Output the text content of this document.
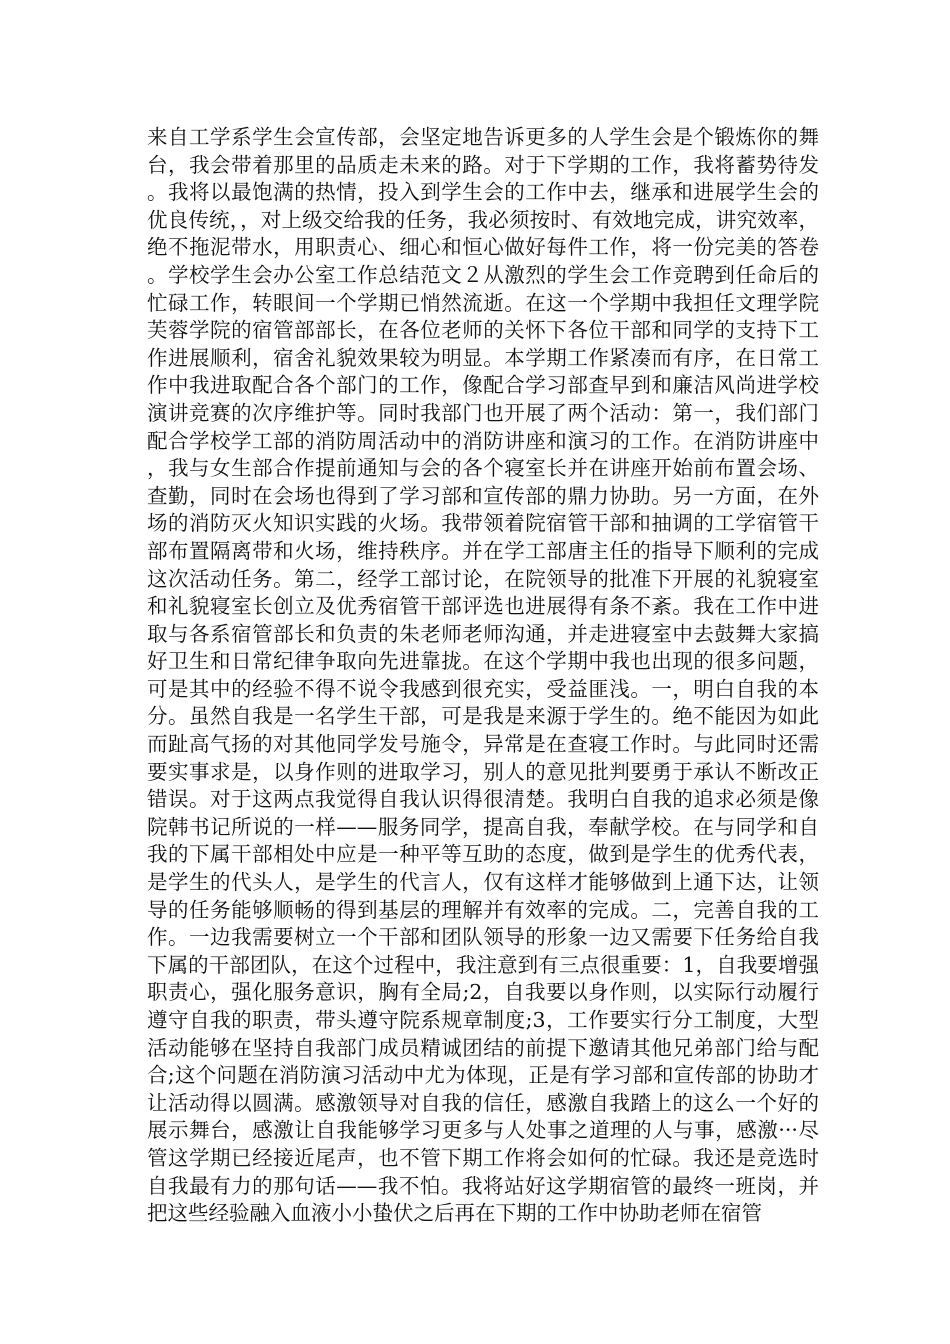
来自工学系学生会宣传部，会坚定地告诉更多的人学生会是个锻炼你的舞台，我会带着那里的品质走未来的路。对于下学期的工作，我将蓄势待发。我将以最饱满的热情，投入到学生会的工作中去，继承和进展学生会的优良传统，，对上级交给我的任务，我必须按时、有效地完成，讲究效率，绝不拖泥带水，用职责心、细心和恒心做好每件工作，将一份完美的答卷。学校学生会办公室工作总结范文２从激烈的学生会工作竞聘到任命后的忙碌工作，转眼间一个学期已悄然流逝。在这一个学期中我担任文理学院芙蓉学院的宿管部部长，在各位老师的关怀下各位干部和同学的支持下工作进展顺利，宿舍礼貌效果较为明显。本学期工作紧凑而有序，在日常工作中我进取配合各个部门的工作，像配合学习部查早到和廉洁风尚进学校演讲竞赛的次序维护等。同时我部门也开展了两个活动：第一，我们部门配合学校学工部的消防周活动中的消防讲座和演习的工作。在消防讲座中，我与女生部合作提前通知与会的各个寝室长并在讲座开始前布置会场、查勤，同时在会场也得到了学习部和宣传部的鼎力协助。另一方面，在外场的消防灭火知识实践的火场。我带领着院宿管干部和抽调的工学宿管干部布置隔离带和火场，维持秩序。并在学工部唐主任的指导下顺利的完成这次活动任务。第二，经学工部讨论，在院领导的批准下开展的礼貌寝室和礼貌寝室长创立及优秀宿管干部评选也进展得有条不紊。我在工作中进取与各系宿管部长和负责的朱老师老师沟通，并走进寝室中去鼓舞大家搞好卫生和日常纪律争取向先进靠拢。在这个学期中我也出现的很多问题，可是其中的经验不得不说令我感到很充实，受益匪浅。一，明白自我的本分。虽然自我是一名学生干部，可是我是来源于学生的。绝不能因为如此而趾高气扬的对其他同学发号施令，异常是在查寝工作时。与此同时还需要实事求是，以身作则的进取学习，别人的意见批判要勇于承认不断改正错误。对于这两点我觉得自我认识得很清楚。我明白自我的追求必须是像院韩书记所说的一样——服务同学，提高自我，奉献学校。在与同学和自我的下属干部相处中应是一种平等互助的态度，做到是学生的优秀代表，是学生的代头人，是学生的代言人，仅有这样才能够做到上通下达，让领导的任务能够顺畅的得到基层的理解并有效率的完成。二，完善自我的工作。一边我需要树立一个干部和团队领导的形象一边又需要下任务给自我下属的干部团队，在这个过程中，我注意到有三点很重要：1，自我要增强职责心，强化服务意识，胸有全局;2，自我要以身作则，以实际行动履行遵守自我的职责，带头遵守院系规章制度;3，工作要实行分工制度，大型活动能够在坚持自我部门成员精诚团结的前提下邀请其他兄弟部门给与配合;这个问题在消防演习活动中尤为体现，正是有学习部和宣传部的协助才让活动得以圆满。感激领导对自我的信任，感激自我踏上的这么一个好的展示舞台，感激让自我能够学习更多与人处事之道理的人与事，感激···尽管这学期已经接近尾声，也不管下期工作将会如何的忙碌。我还是竞选时自我最有力的那句话——我不怕。我将站好这学期宿管的最终一班岗，并把这些经验融入血液小小蛰伏之后再在下期的工作中协助老师在宿管
